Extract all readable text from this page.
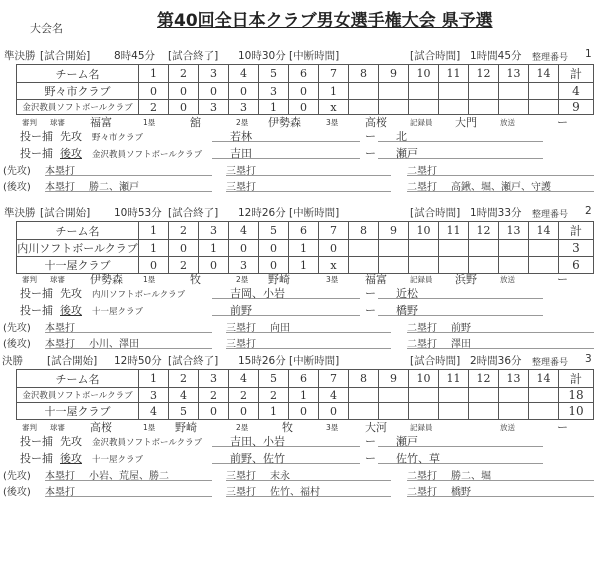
大会名	第40回全日本クラブ男女選手権大会 県予選
準決勝 [試合開始] 8時45分 [試合終了] 10時30分 [中断時間]	[試合時間] 1時間45分 整理番号 1
チーム名	1	2	3	4	5	6	7	8	9	10	11	12	13	14	計
野々市クラブ	0	0	0	0	3	0	1								4
金沢教員ソフトボールクラブ	2	0	3	3	1	0	x								9
審判 球審 福富	1塁	舘	2塁 伊勢森	3塁 高桜	記録員 大門	放送	ー
投ー捕 先攻 野々市クラブ	若林	ー	北
投ー捕 後攻 金沢教員ソフトボールクラブ	吉田	ー	瀬戸
(先攻) 本塁打	三塁打	二塁打
(後攻) 本塁打 勝二、瀬戸	三塁打	二塁打 高鍬、堀、瀬戸、守護
準決勝 [試合開始] 10時53分 [試合終了] 12時26分 [中断時間]	[試合時間] 1時間33分 整理番号 2
チーム名	1	2	3	4	5	6	7	8	9	10	11	12	13	14	計
内川ソフトボールクラブ	1	0	1	0	0	1	0								3
十一屋クラブ	0	2	0	3	0	1	x								6
審判 球審 伊勢森	1塁	牧	2塁 野崎	3塁 福富	記録員 浜野	放送	ー
投ー捕 先攻 内川ソフトボールクラブ	吉岡、小岩	ー	近松
投ー捕 後攻 十一屋クラブ	前野	ー	橋野
(先攻) 本塁打	三塁打 向田	二塁打 前野
(後攻) 本塁打 小川、澤田	三塁打	二塁打 澤田
決勝 [試合開始] 12時50分 [試合終了] 15時26分 [中断時間]	[試合時間] 2時間36分 整理番号 3
チーム名	1	2	3	4	5	6	7	8	9	10	11	12	13	14	計
金沢教員ソフトボールクラブ	3	4	2	2	2	1	4								18
十一屋クラブ	4	5	0	0	1	0	0								10
審判 球審 高桜	1塁 野崎	2塁	牧	3塁 大河	記録員	放送	ー
投ー捕 先攻 金沢教員ソフトボールクラブ	吉田、小岩	ー	瀬戸
投ー捕 後攻 十一屋クラブ	前野、佐竹	ー	佐竹、草
(先攻) 本塁打 小岩、荒屋、勝二	三塁打 末永	二塁打 勝二、堀
(後攻) 本塁打	三塁打 佐竹、福村	二塁打 橋野
